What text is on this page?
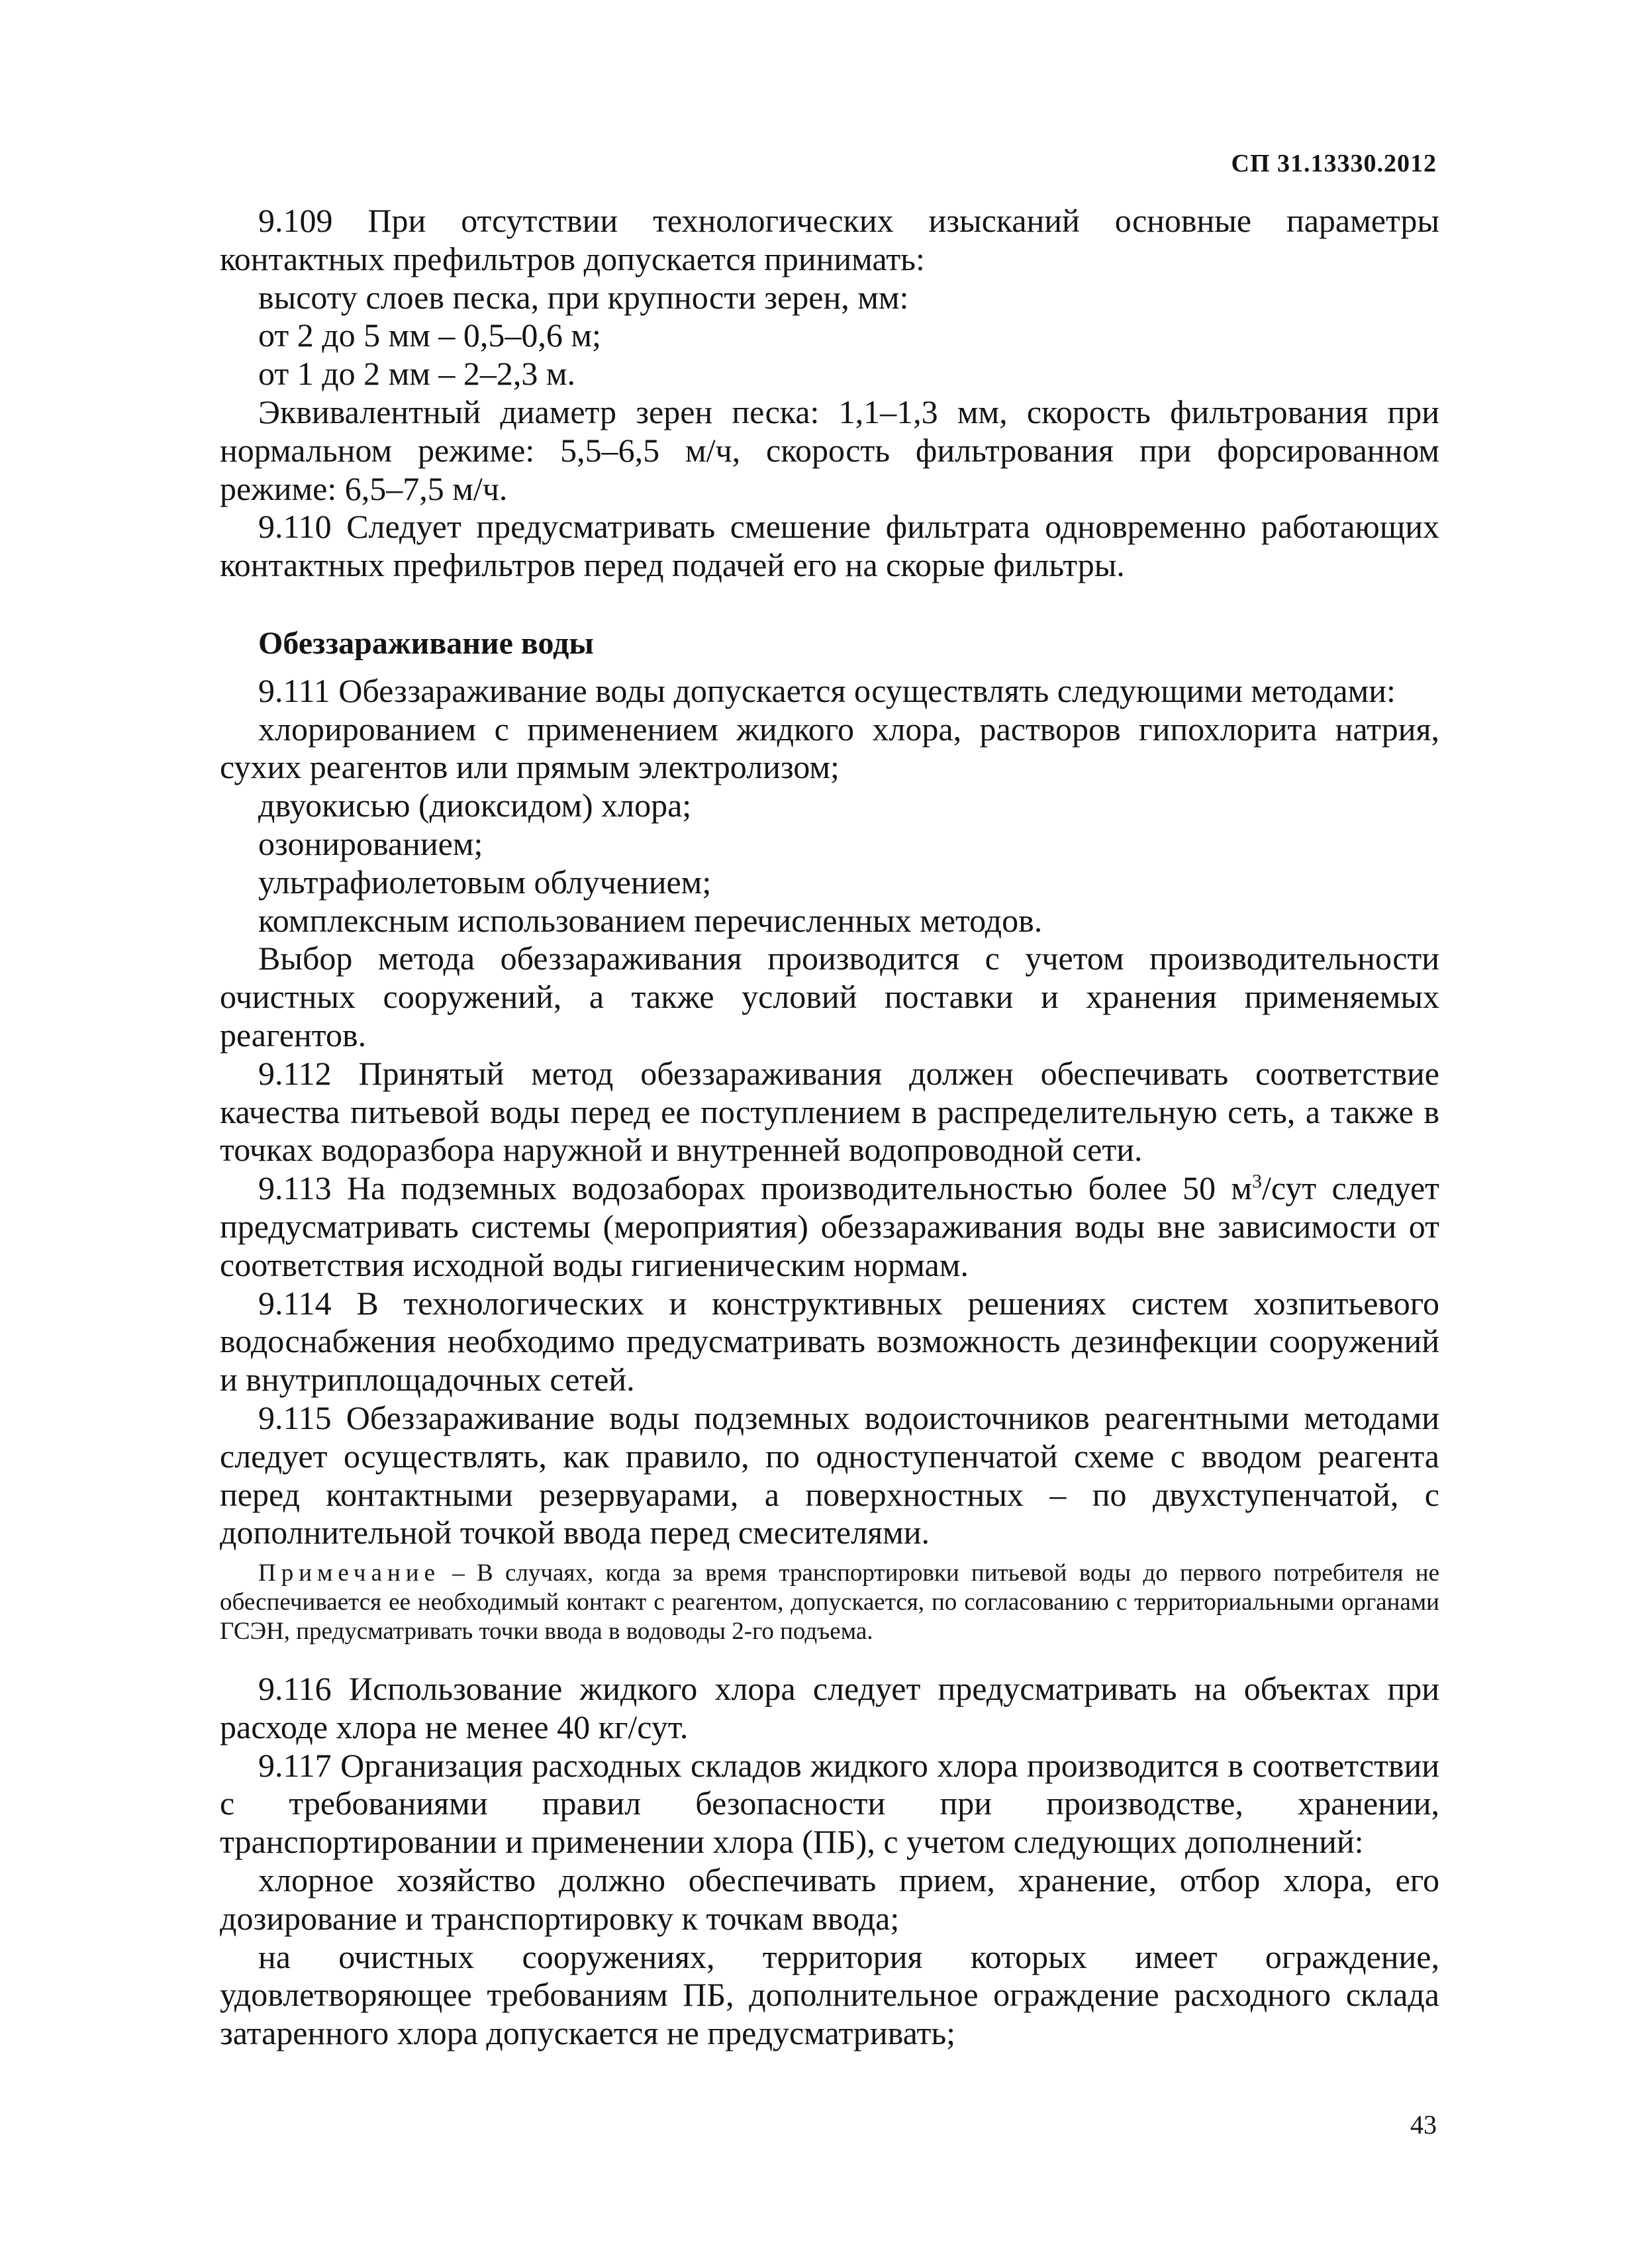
СП 31.13330.2012

9.109 При отсутствии технологических изысканий основные параметры контактных префильтров допускается принимать:

высоту слоев песка, при крупности зерен, мм:

от 2 до 5 мм – 0,5–0,6 м;

от 1 до 2 мм – 2–2,3 м.

Эквивалентный диаметр зерен песка: 1,1–1,3 мм, скорость фильтрования при нормальном режиме: 5,5–6,5 м/ч, скорость фильтрования при форсированном режиме: 6,5–7,5 м/ч.

9.110 Следует предусматривать смешение фильтрата одновременно работающих контактных префильтров перед подачей его на скорые фильтры.

Обеззараживание воды

9.111 Обеззараживание воды допускается осуществлять следующими методами:

хлорированием с применением жидкого хлора, растворов гипохлорита натрия, сухих реагентов или прямым электролизом;

двуокисью (диоксидом) хлора;

озонированием;

ультрафиолетовым облучением;

комплексным использованием перечисленных методов.

Выбор метода обеззараживания производится с учетом производительности очистных сооружений, а также условий поставки и хранения применяемых реагентов.

9.112 Принятый метод обеззараживания должен обеспечивать соответствие качества питьевой воды перед ее поступлением в распределительную сеть, а также в точках водоразбора наружной и внутренней водопроводной сети.

9.113 На подземных водозаборах производительностью более 50 $м^3$/сут следует предусматривать системы (мероприятия) обеззараживания воды вне зависимости от соответствия исходной воды гигиеническим нормам.

9.114 В технологических и конструктивных решениях систем хозпитьевого водоснабжения необходимо предусматривать возможность дезинфекции сооружений и внутриплощадочных сетей.

9.115 Обеззараживание воды подземных водоисточников реагентными методами следует осуществлять, как правило, по одноступенчатой схеме с вводом реагента перед контактными резервуарами, а поверхностных – по двухступенчатой, с дополнительной точкой ввода перед смесителями.

Примечание – В случаях, когда за время транспортировки питьевой воды до первого потребителя не обеспечивается ее необходимый контакт с реагентом, допускается, по согласованию с территориальными органами ГСЭН, предусматривать точки ввода в водоводы 2-го подъема.

9.116 Использование жидкого хлора следует предусматривать на объектах при расходе хлора не менее 40 кг/сут.

9.117 Организация расходных складов жидкого хлора производится в соответствии с требованиями правил безопасности при производстве, хранении, транспортировании и применении хлора (ПБ), с учетом следующих дополнений:

хлорное хозяйство должно обеспечивать прием, хранение, отбор хлора, его дозирование и транспортировку к точкам ввода;

на очистных сооружениях, территория которых имеет ограждение, удовлетворяющее требованиям ПБ, дополнительное ограждение расходного склада затаренного хлора допускается не предусматривать;

43
